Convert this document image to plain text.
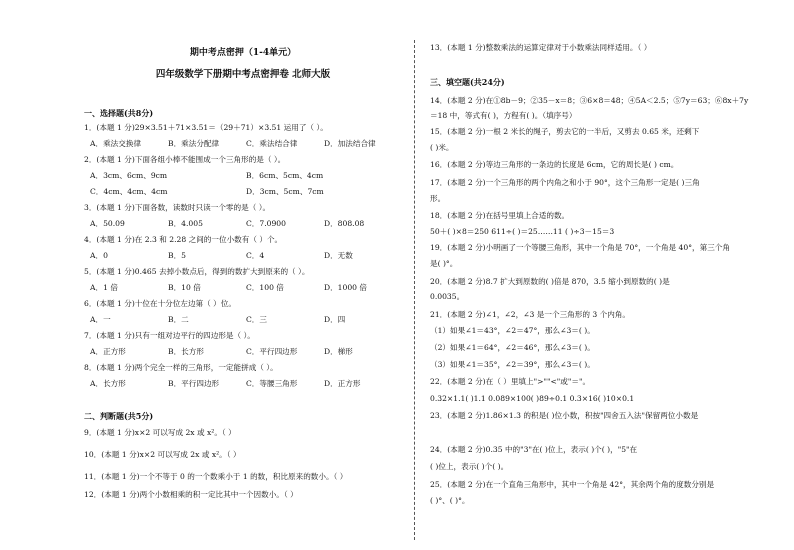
期中考点密押（1-4单元）
四年级数学下册期中考点密押卷 北师大版
一、选择题(共8分)
1．(本题 1 分)29×3.51＋71×3.51＝（29＋71）×3.51 运用了（ ）。
A．乘法交换律	B．乘法分配律	C．乘法结合律	D．加法结合律
2．(本题 1 分)下面各组小棒不能围成一个三角形的是（ ）。
A．3cm、6cm、9cm	B．6cm、5cm、4cm
C．4cm、4cm、4cm	D．3cm、5cm、7cm
3．(本题 1 分)下面各数，读数时只读一个零的是（ ）。
A．50.09	B．4.005	C．7.0900	D．808.08
4．(本题 1 分)在 2.3 和 2.28 之间的一位小数有（ ）个。
A．0	B．5	C．4	D．无数
5．(本题 1 分)0.465 去掉小数点后，得到的数扩大到原来的（ ）。
A．1 倍	B．10 倍	C．100 倍	D．1000 倍
6．(本题 1 分)十位在十分位左边第（ ）位。
A．一	B．二	C．三	D．四
7．(本题 1 分)只有一组对边平行的四边形是（ ）。
A．正方形	B．长方形	C．平行四边形	D．梯形
8．(本题 1 分)两个完全一样的三角形，一定能拼成（ ）。
A．长方形	B．平行四边形	C．等腰三角形	D．正方形
二、判断题(共5分)
9．(本题 1 分)x×2 可以写成 2x 或 x²。（ ）
10．(本题 1 分)x×2 可以写成 2x 或 x²。（ ）
11．(本题 1 分)一个不等于 0 的一个数乘小于 1 的数，积比原来的数小。（ ）
12．(本题 1 分)两个小数相乘的积一定比其中一个因数小。（ ）
13．(本题 1 分)整数乘法的运算定律对于小数乘法同样适用。（ ）
三、填空题(共24分)
14．(本题 2 分)在①8b－9；②35－x＝8；③6×8＝48；④5A＜2.5；⑤7y＝63；⑥8x＋7y
＝18 中，等式有( )，方程有( )。（填序号）
15．(本题 2 分)一根 2 米长的绳子，剪去它的一半后，又剪去 0.65 米，还剩下
( )米。
16．(本题 2 分)等边三角形的一条边的长度是 6cm，它的周长是( ) cm。
17．(本题 2 分)一个三角形的两个内角之和小于 90°，这个三角形一定是( )三角
形。
18．(本题 2 分)在括号里填上合适的数。
50＋( )×8＝250 611÷( )＝25……11 ( )÷3－15＝3
19．(本题 2 分)小明画了一个等腰三角形，其中一个角是 70°，一个角是 40°，第三个角
是( )°。
20．(本题 2 分)8.7 扩大到原数的( )倍是 870，3.5 缩小到原数的( )是
0.0035。
21．(本题 2 分)∠1，∠2，∠3 是一个三角形的 3 个内角。
（1）如果∠1＝43°，∠2＝47°，那么∠3＝( )。
（2）如果∠1＝64°，∠2＝46°，那么∠3＝( )。
（3）如果∠1＝35°，∠2＝39°，那么∠3＝( )。
22．(本题 2 分)在（ ）里填上">""<"或"＝"。
0.32×1.1( )1.1 0.089×100( )89÷0.1 0.3×16( )10×0.1
23．(本题 2 分)1.86×1.3 的积是( )位小数，积按"四舍五入法"保留两位小数是
24．(本题 2 分)0.35 中的"3"在( )位上，表示( )个( )，"5"在
( )位上，表示( )个( )。
25．(本题 2 分)在一个直角三角形中，其中一个角是 42°，其余两个角的度数分别是
( )°、( )°。
